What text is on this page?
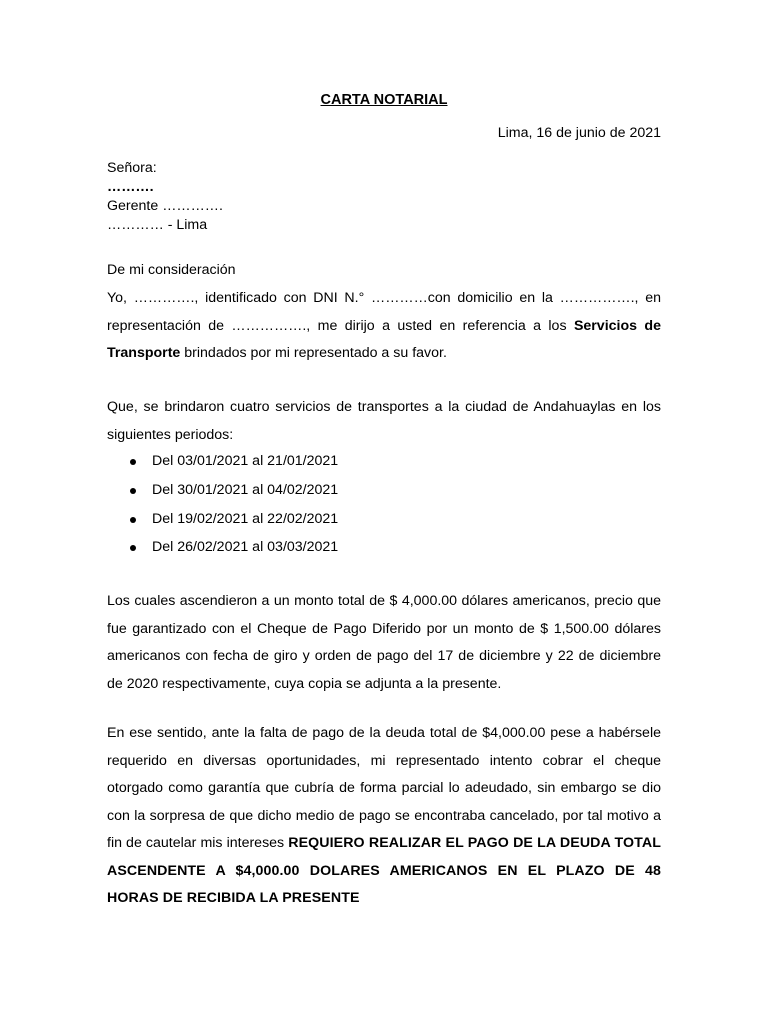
CARTA NOTARIAL
Lima, 16 de junio de 2021
Señora:
……….
Gerente ………….
………… - Lima
De mi consideración
Yo, …………., identificado con DNI N.° …………con domicilio en la ……………., en representación de ……………., me dirijo a usted en referencia a los Servicios de Transporte brindados por mi representado a su favor.
Que, se brindaron cuatro servicios de transportes a la ciudad de Andahuaylas en los siguientes periodos:
Del 03/01/2021 al 21/01/2021
Del 30/01/2021 al 04/02/2021
Del 19/02/2021 al 22/02/2021
Del 26/02/2021 al 03/03/2021
Los cuales ascendieron a un monto total de $ 4,000.00 dólares americanos, precio que fue garantizado con el Cheque de Pago Diferido por un monto de $ 1,500.00 dólares americanos con fecha de giro y orden de pago del 17 de diciembre y 22 de diciembre de 2020 respectivamente, cuya copia se adjunta a la presente.
En ese sentido, ante la falta de pago de la deuda total de $4,000.00 pese a habérsele requerido en diversas oportunidades, mi representado intento cobrar el cheque otorgado como garantía que cubría de forma parcial lo adeudado, sin embargo se dio con la sorpresa de que dicho medio de pago se encontraba cancelado, por tal motivo a fin de cautelar mis intereses REQUIERO REALIZAR EL PAGO DE LA DEUDA TOTAL ASCENDENTE A $4,000.00 DOLARES AMERICANOS EN EL PLAZO DE 48 HORAS DE RECIBIDA LA PRESENTE
